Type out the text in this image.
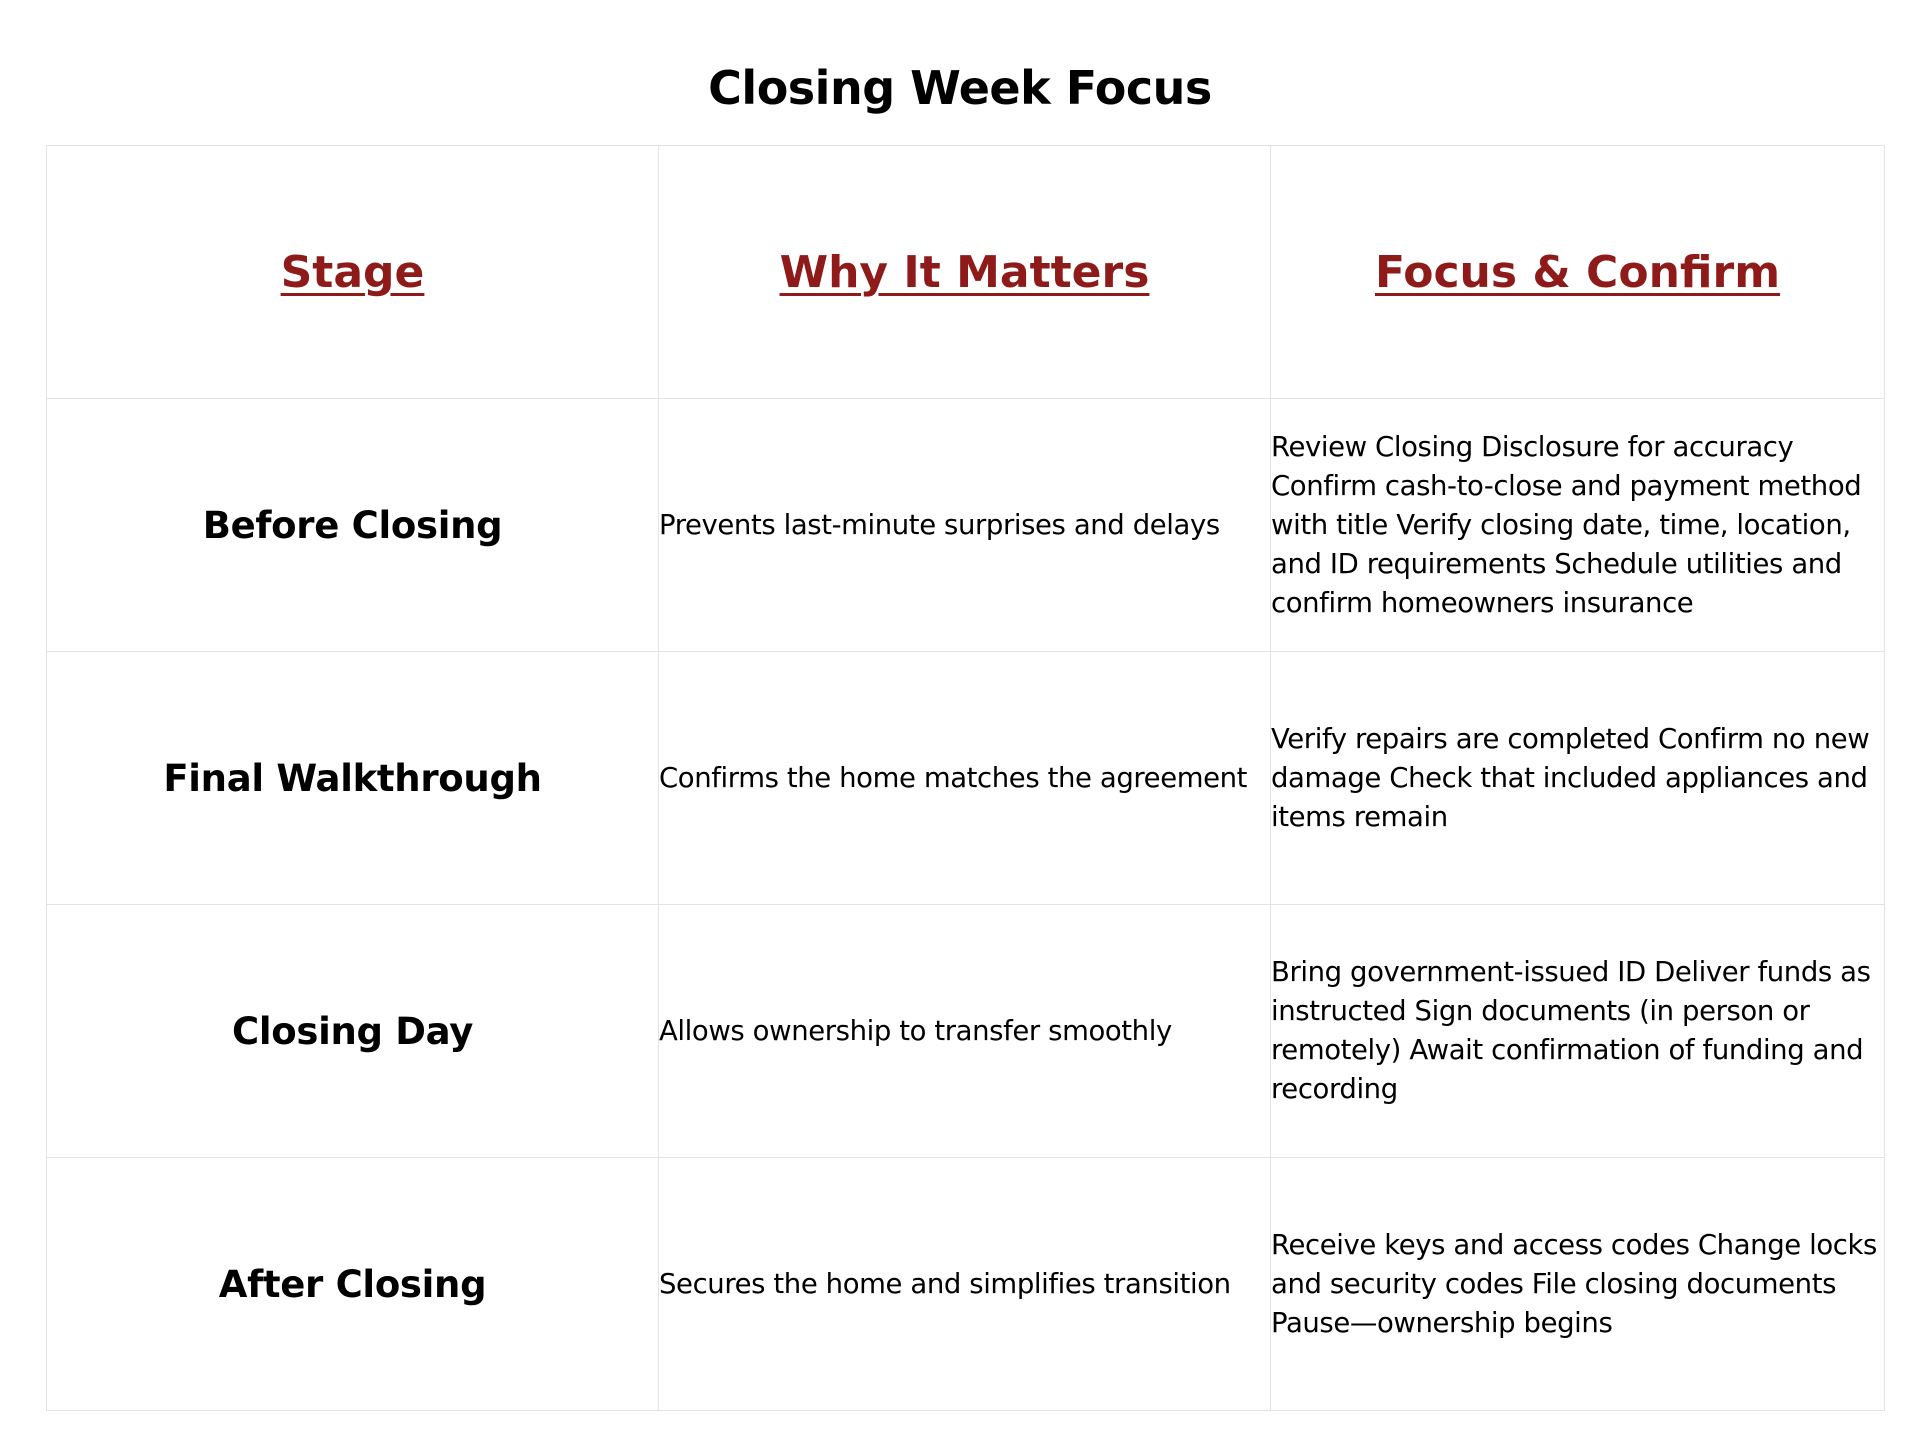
Closing Week Focus
Stage	Why It Matters	Focus & Confirm
Before Closing	Prevents last-minute surprises and delays	Review Closing Disclosure for accuracy Confirm cash-to-close and payment method with title Verify closing date, time, location, and ID requirements Schedule utilities and confirm homeowners insurance
Final Walkthrough	Confirms the home matches the agreement	Verify repairs are completed Confirm no new damage Check that included appliances and items remain
Closing Day	Allows ownership to transfer smoothly	Bring government-issued ID Deliver funds as instructed Sign documents (in person or remotely) Await confirmation of funding and recording
After Closing	Secures the home and simplifies transition	Receive keys and access codes Change locks and security codes File closing documents Pause—ownership begins
